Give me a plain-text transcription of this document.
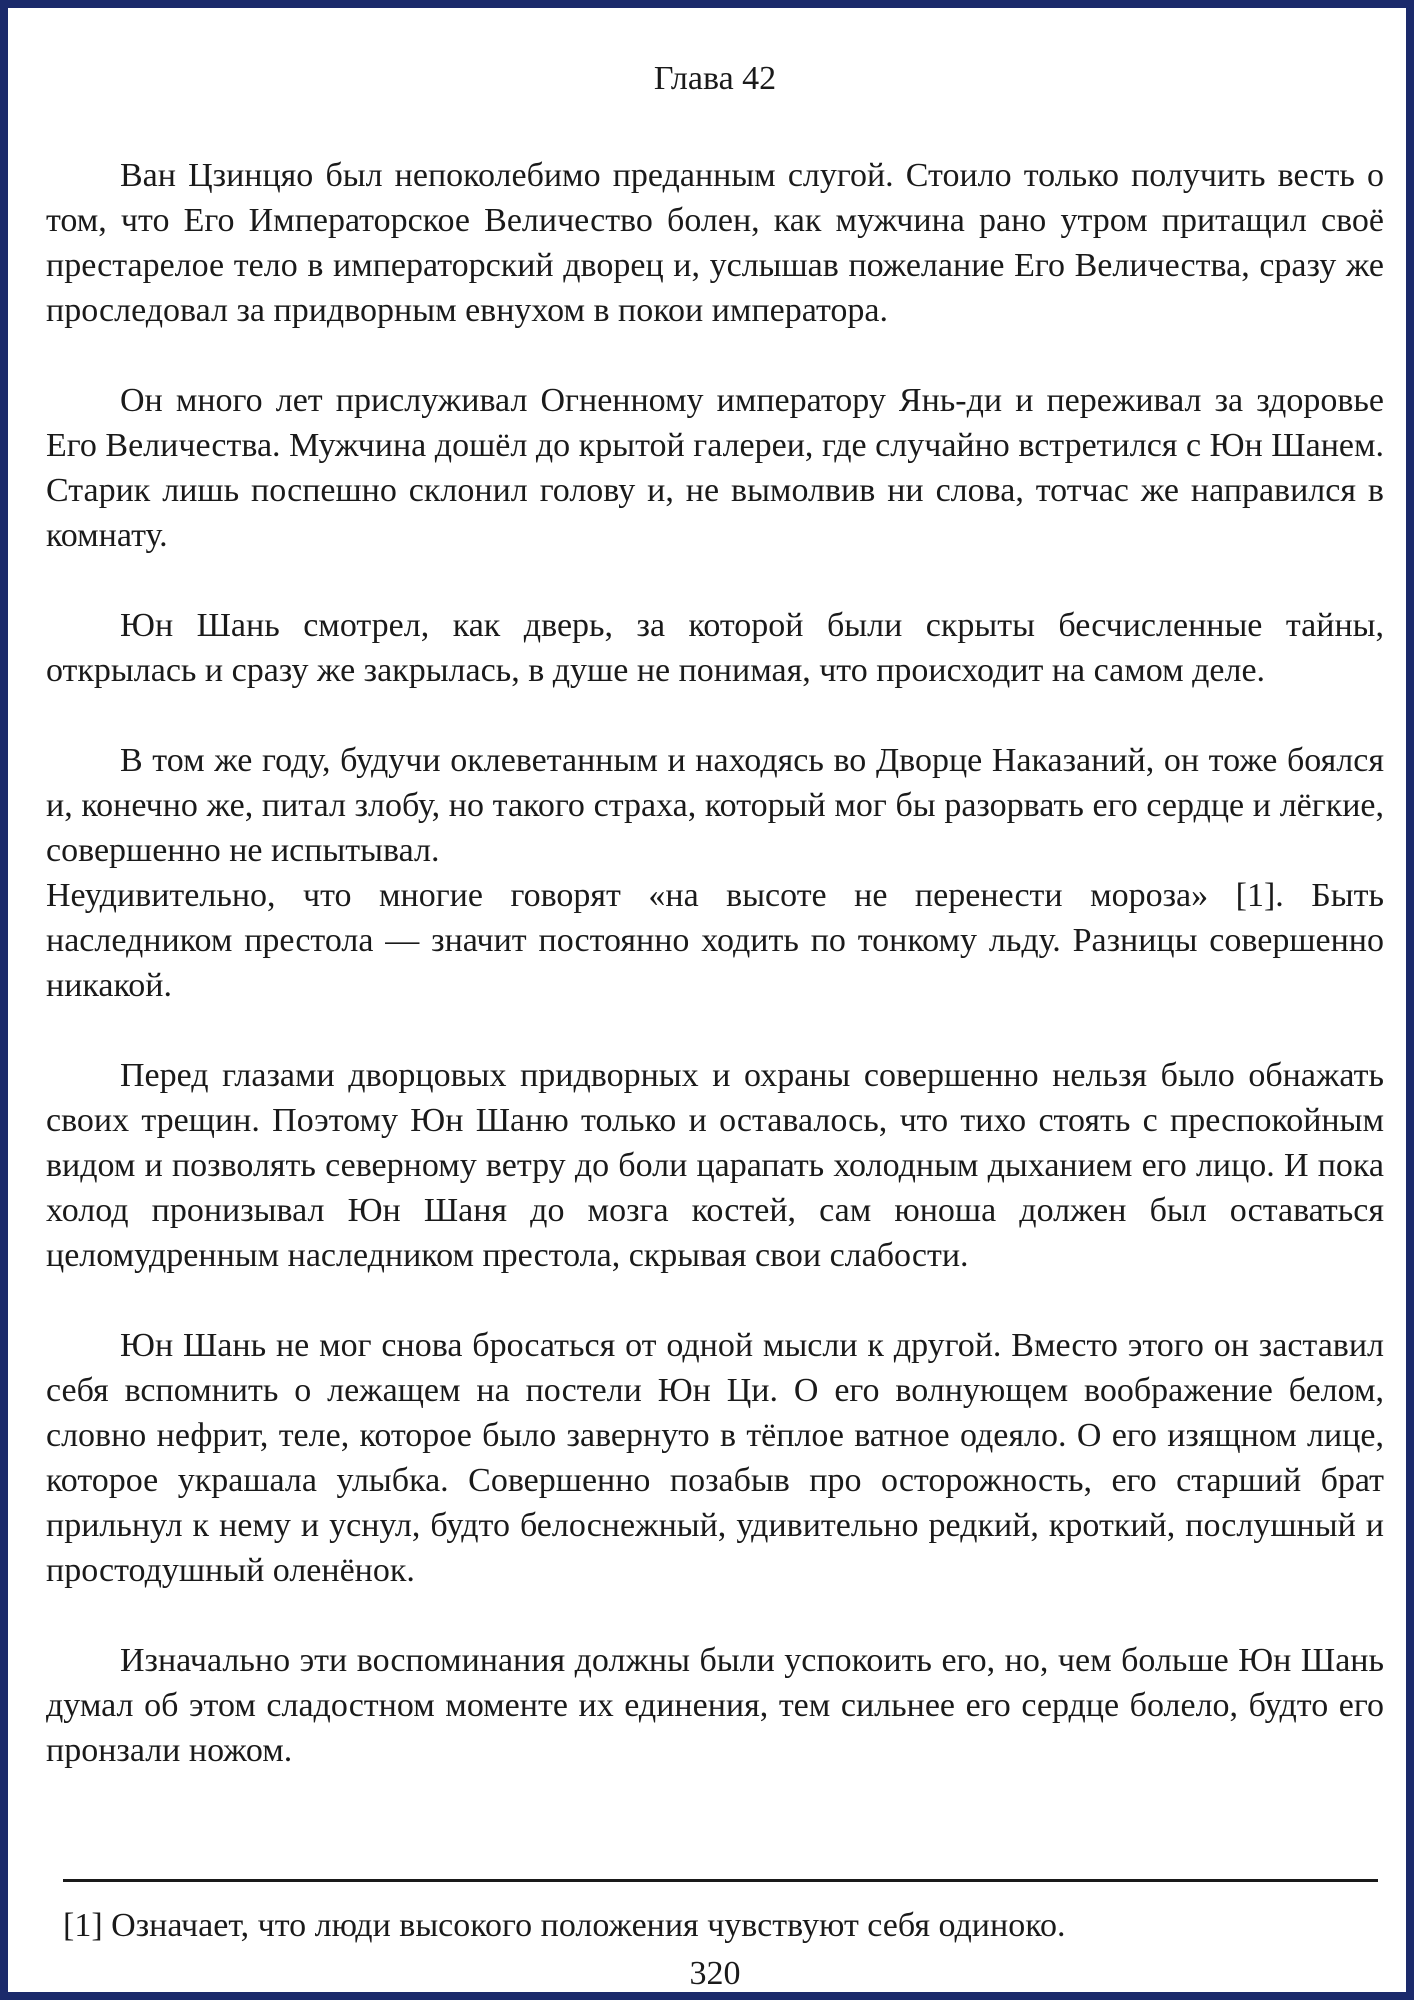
Глава 42

Ван Цзинцяо был непоколебимо преданным слугой. Стоило только получить весть о том, что Его Императорское Величество болен, как мужчина рано утром притащил своё престарелое тело в императорский дворец и, услышав пожелание Его Величества, сразу же проследовал за придворным евнухом в покои императора.

Он много лет прислуживал Огненному императору Янь-ди и переживал за здоровье Его Величества. Мужчина дошёл до крытой галереи, где случайно встретился с Юн Шанем. Старик лишь поспешно склонил голову и, не вымолвив ни слова, тотчас же направился в комнату.

Юн Шань смотрел, как дверь, за которой были скрыты бесчисленные тайны, открылась и сразу же закрылась, в душе не понимая, что происходит на самом деле.

В том же году, будучи оклеветанным и находясь во Дворце Наказаний, он тоже боялся и, конечно же, питал злобу, но такого страха, который мог бы разорвать его сердце и лёгкие, совершенно не испытывал.

Неудивительно, что многие говорят «на высоте не перенести мороза» [1]. Быть наследником престола — значит постоянно ходить по тонкому льду. Разницы совершенно никакой.

Перед глазами дворцовых придворных и охраны совершенно нельзя было обнажать своих трещин. Поэтому Юн Шаню только и оставалось, что тихо стоять с преспокойным видом и позволять северному ветру до боли царапать холодным дыханием его лицо. И пока холод пронизывал Юн Шаня до мозга костей, сам юноша должен был оставаться целомудренным наследником престола, скрывая свои слабости.

Юн Шань не мог снова бросаться от одной мысли к другой. Вместо этого он заставил себя вспомнить о лежащем на постели Юн Ци. О его волнующем воображение белом, словно нефрит, теле, которое было завернуто в тёплое ватное одеяло. О его изящном лице, которое украшала улыбка. Совершенно позабыв про осторожность, его старший брат прильнул к нему и уснул, будто белоснежный, удивительно редкий, кроткий, послушный и простодушный оленёнок.

Изначально эти воспоминания должны были успокоить его, но, чем больше Юн Шань думал об этом сладостном моменте их единения, тем сильнее его сердце болело, будто его пронзали ножом.

[1] Означает, что люди высокого положения чувствуют себя одиноко.

320
